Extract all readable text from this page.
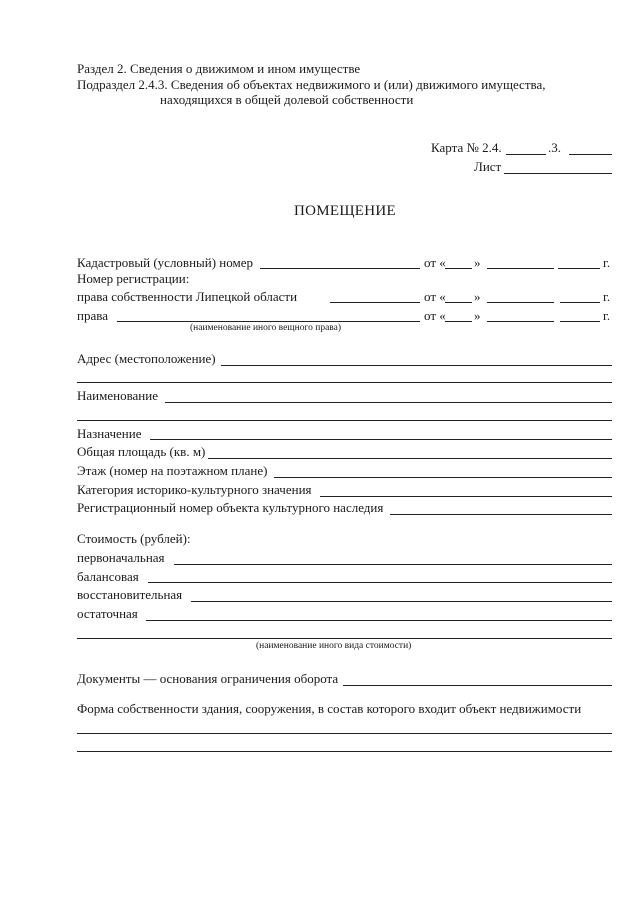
Раздел 2. Сведения о движимом и ином имуществе
Подраздел 2.4.3. Сведения об объектах недвижимого и (или) движимого имущества,
находящихся в общей долевой собственности
Карта № 2.4.	.3.
Лист
ПОМЕЩЕНИЕ
Кадастровый (условный) номер	от « »	г.
Номер регистрации:
права собственности Липецкой области	от « »	г.
права	от « »	г.
(наименование иного вещного права)
Адрес (местоположение)
Наименование
Назначение
Общая площадь (кв. м)
Этаж (номер на поэтажном плане)
Категория историко-культурного значения
Регистрационный номер объекта культурного наследия
Стоимость (рублей):
первоначальная
балансовая
восстановительная
остаточная
(наименование иного вида стоимости)
Документы — основания ограничения оборота
Форма собственности здания, сооружения, в состав которого входит объект недвижимости
